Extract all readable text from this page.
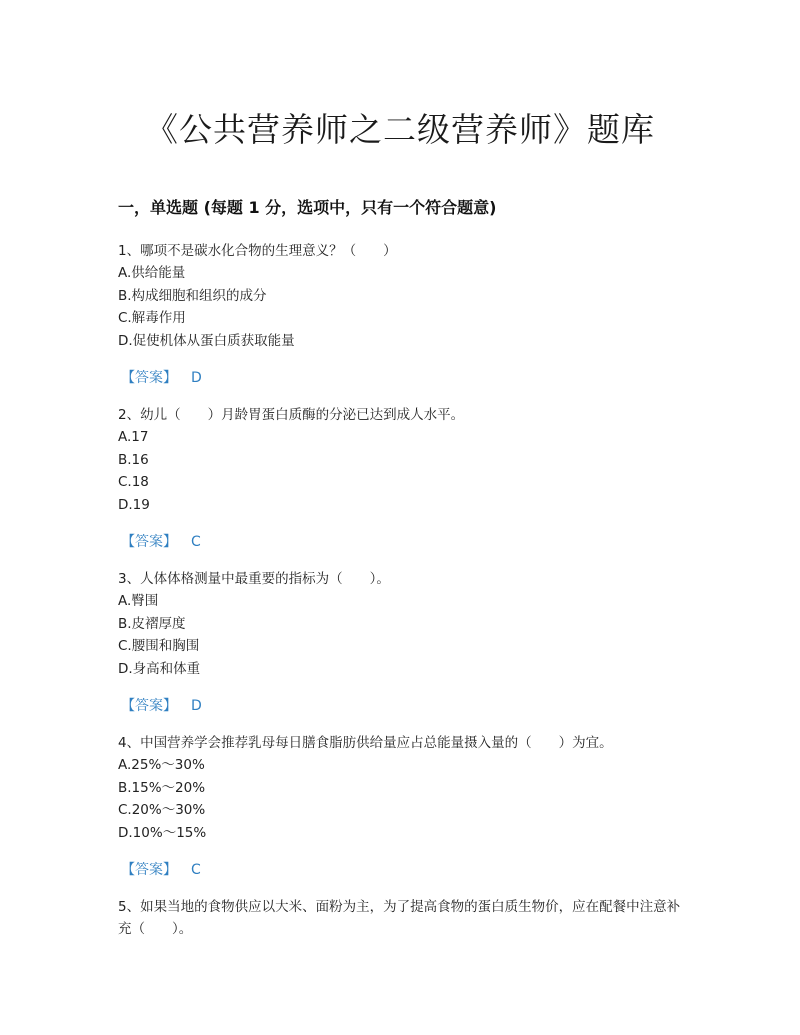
《公共营养师之二级营养师》题库
一，单选题 (每题 1 分，选项中，只有一个符合题意)

1、哪项不是碳水化合物的生理意义？（　　）

A.供给能量

B.构成细胞和组织的成分

C.解毒作用

D.促使机体从蛋白质获取能量

【答案】 D

2、幼儿（　　）月龄胃蛋白质酶的分泌已达到成人水平。

A.17

B.16

C.18

D.19

【答案】 C

3、人体体格测量中最重要的指标为（　　）。

A.臀围

B.皮褶厚度

C.腰围和胸围

D.身高和体重

【答案】 D

4、中国营养学会推荐乳母每日膳食脂肪供给量应占总能量摄入量的（　　）为宜。

A.25%～30%

B.15%～20%

C.20%～30%

D.10%～15%

【答案】 C

5、如果当地的食物供应以大米、面粉为主，为了提高食物的蛋白质生物价，应在配餐中注意补充（　　）。
